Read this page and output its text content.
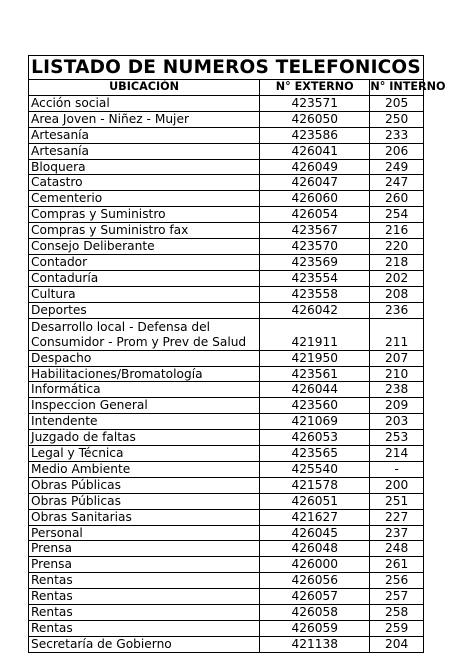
LISTADO DE NUMEROS TELEFONICOS
UBICACIÓN	N° EXTERNO	N° INTERNO
Acción social	423571	205
Area Joven - Niñez - Mujer	426050	250
Artesanía	423586	233
Artesanía	426041	206
Bloquera	426049	249
Catastro	426047	247
Cementerio	426060	260
Compras y Suministro	426054	254
Compras y Suministro fax	423567	216
Consejo Deliberante	423570	220
Contador	423569	218
Contaduría	423554	202
Cultura	423558	208
Deportes	426042	236
Desarrollo local - Defensa del Consumidor - Prom y Prev de Salud	421911	211
Despacho	421950	207
Habilitaciones/Bromatología	423561	210
Informática	426044	238
Inspeccion General	423560	209
Intendente	421069	203
Juzgado de faltas	426053	253
Legal y Técnica	423565	214
Medio Ambiente	425540	-
Obras Públicas	421578	200
Obras Públicas	426051	251
Obras Sanitarias	421627	227
Personal	426045	237
Prensa	426048	248
Prensa	426000	261
Rentas	426056	256
Rentas	426057	257
Rentas	426058	258
Rentas	426059	259
Secretaría de Gobierno	421138	204
